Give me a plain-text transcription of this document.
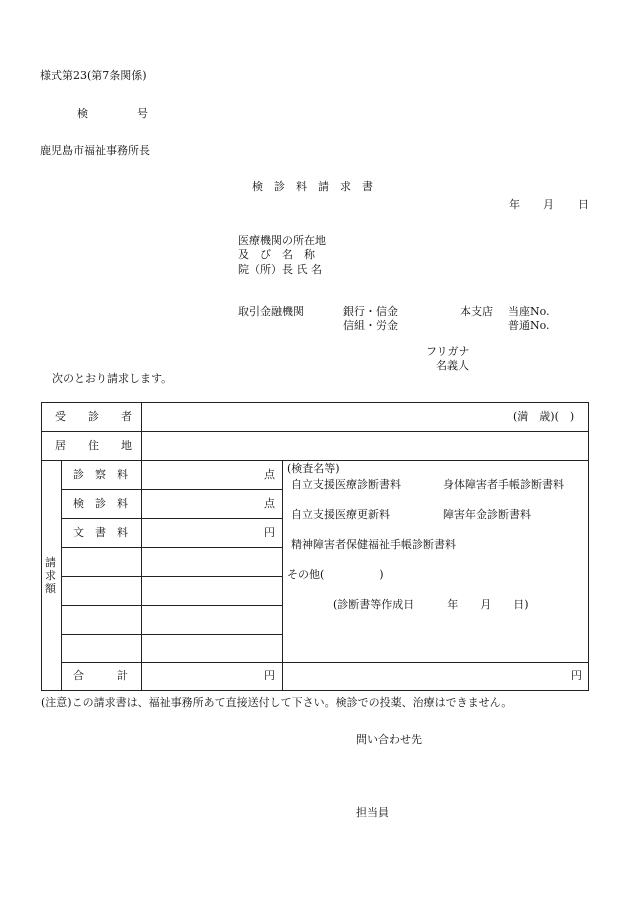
様式第23(第7条関係)
検	号
鹿児島市福祉事務所長
検　診　料　請　求　書
年 月 日
医療機関の所在地
及　び　名　称
院（所）長 氏 名
取引金融機関	銀行・信金
信組・労金
本支店 当座No.
普通No.
フリガナ
名義人
次のとおり請求します。
受　　診　　者	(満　歳)(　)
居　　住　　地
請
求
額
診　察　料	点
検　診　料	点
文　書　料	円
合　　　計	円	円
(検査名等)
自立支援医療診断書料	身体障害者手帳診断書料
自立支援医療更新料	障害年金診断書料
精神障害者保健福祉手帳診断書料
その他(　　　　　)
(診断書等作成日　　　年　　月　　日)
(注意)この請求書は、福祉事務所あて直接送付して下さい。検診での投薬、治療はできません。
問い合わせ先
担当員
